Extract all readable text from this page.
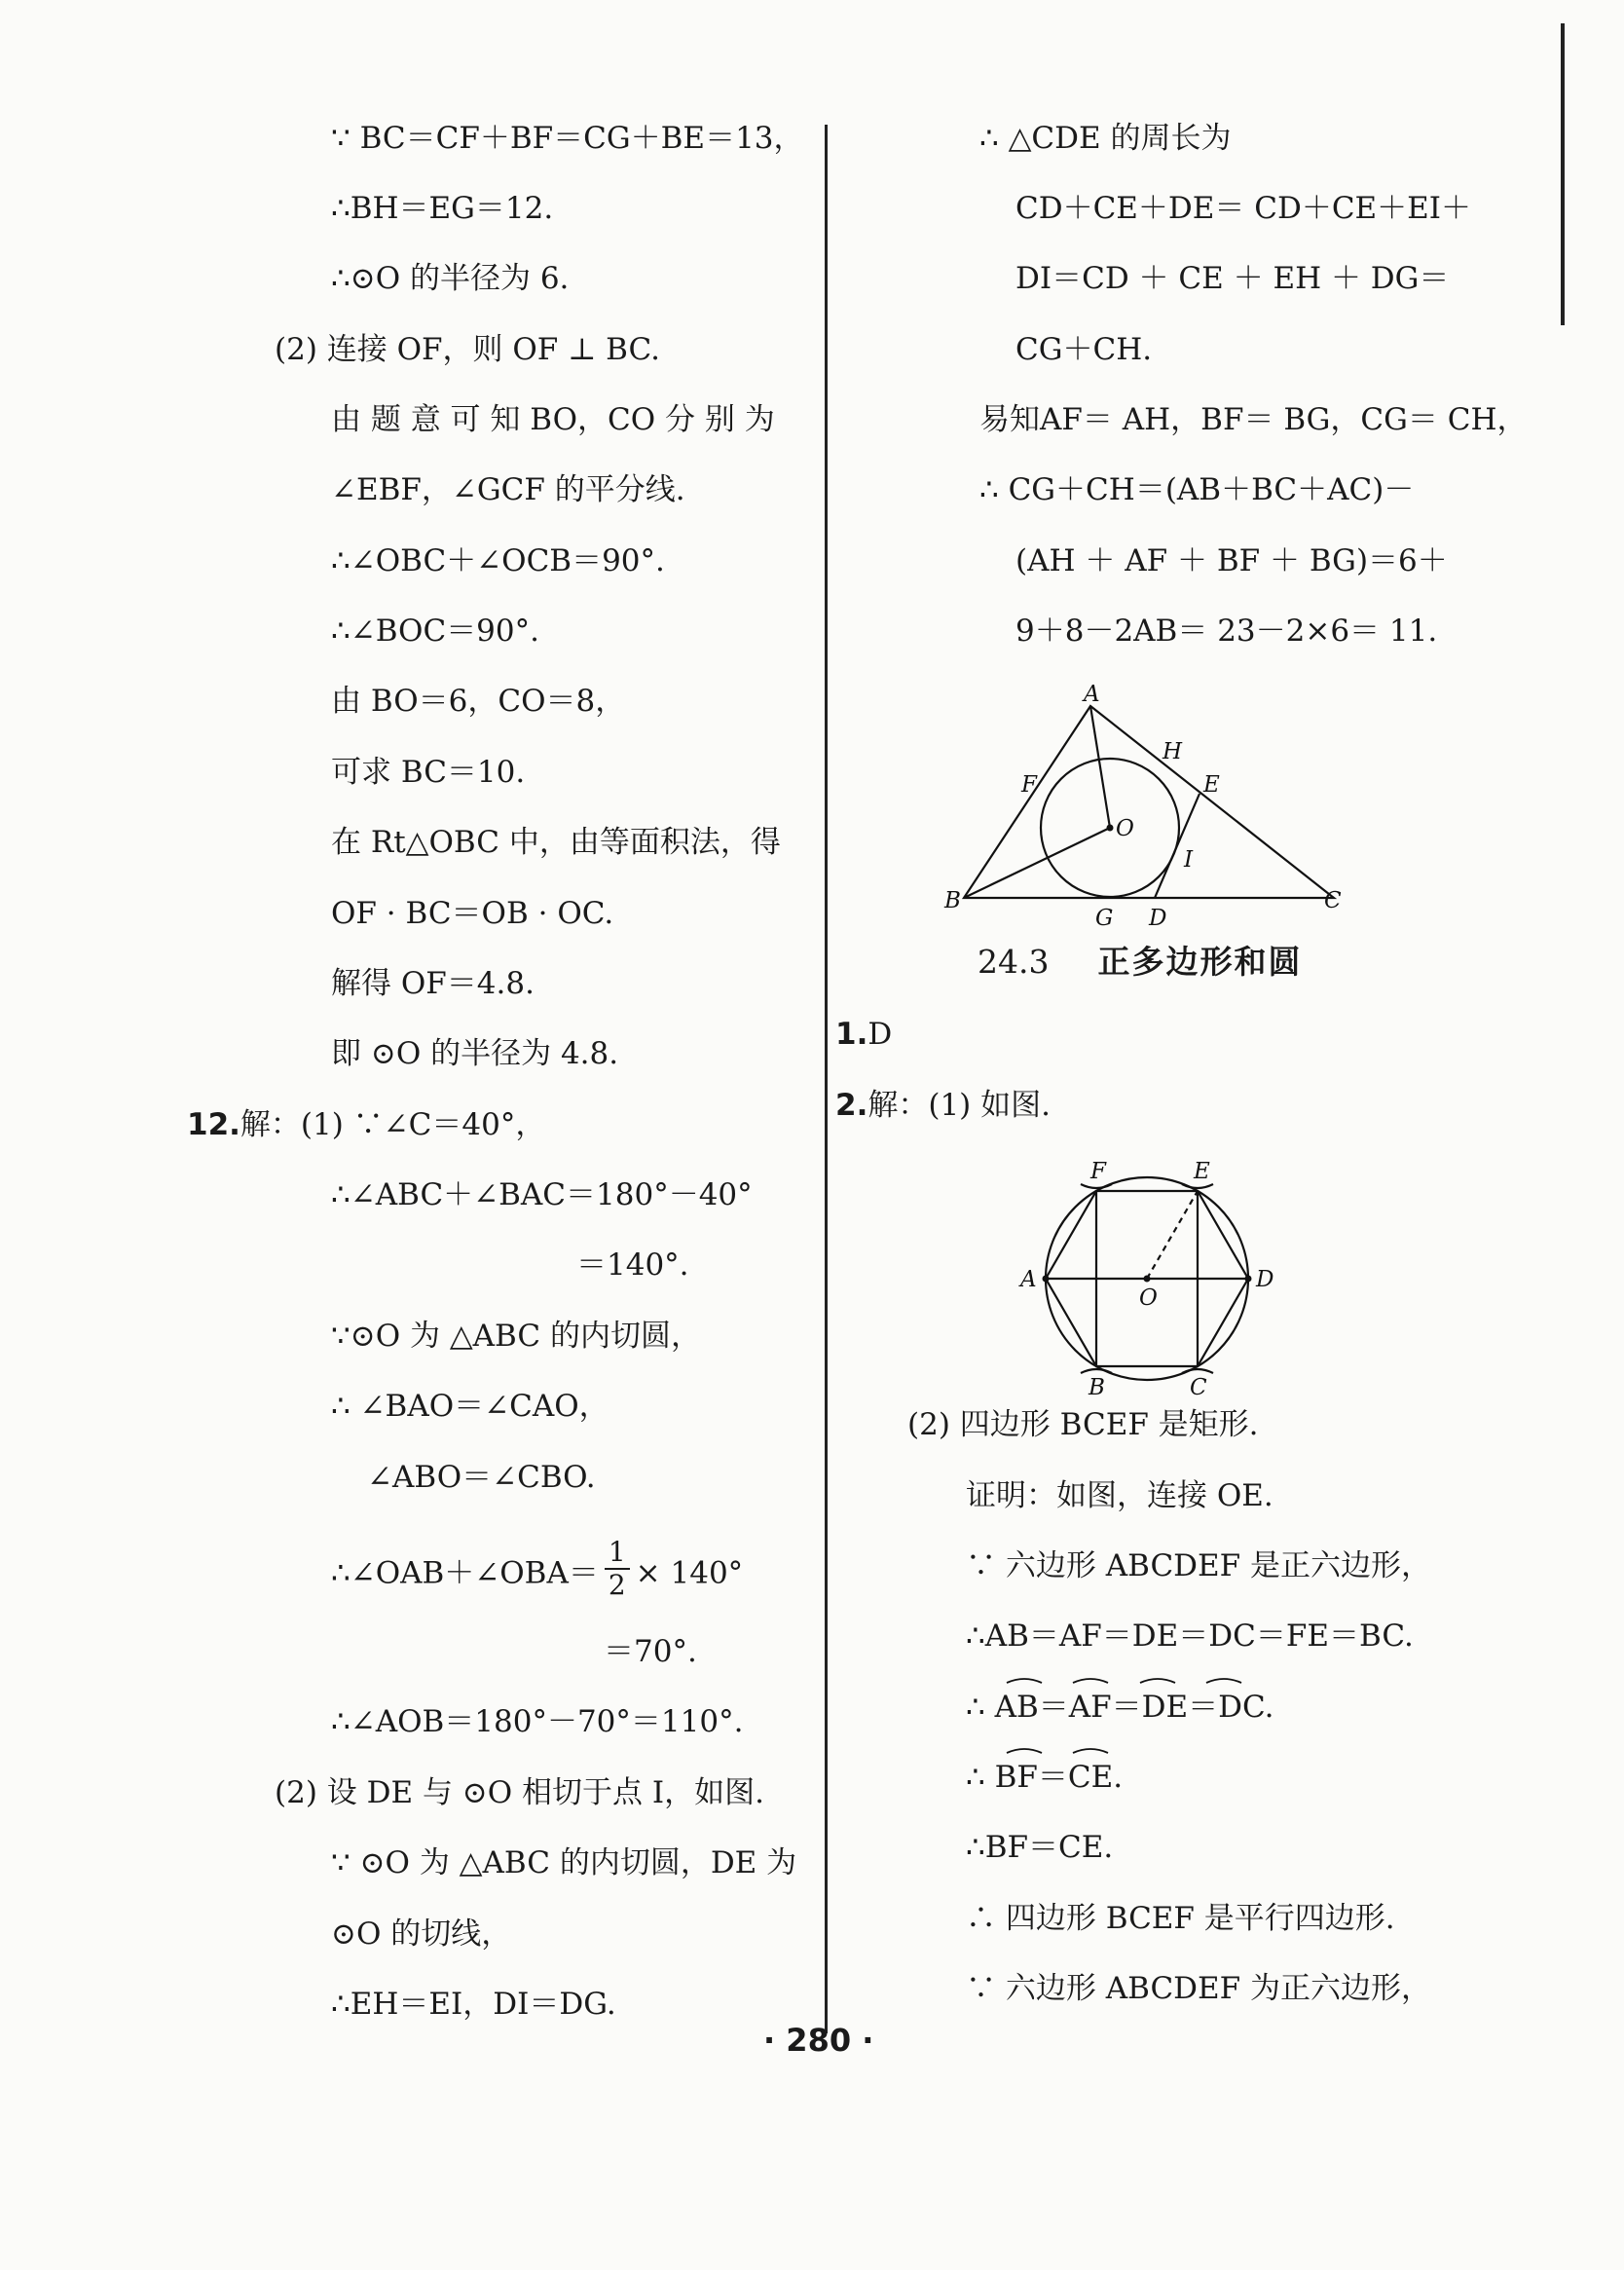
∵ BC＝CF＋BF＝CG＋BE＝13，
∴BH＝EG＝12.
∴⊙O 的半径为 6.
(2) 连接 OF，则 OF ⊥ BC.
由 题 意 可 知 BO，CO 分 别 为
∠EBF，∠GCF 的平分线.
∴∠OBC＋∠OCB＝90°.
∴∠BOC＝90°.
由 BO＝6，CO＝8，
可求 BC＝10.
在 Rt△OBC 中，由等面积法，得
OF · BC＝OB · OC.
解得 OF＝4.8.
即 ⊙O 的半径为 4.8.
12.解：(1) ∵∠C＝40°，
∴∠ABC＋∠BAC＝180°－40°
＝140°.
∵⊙O 为 △ABC 的内切圆，
∴ ∠BAO＝∠CAO，
∠ABO＝∠CBO.
∴∠OAB＋∠OBA＝ $\frac{1}{2} \times 140^\circ$
＝70°.
∴∠AOB＝180°－70°＝110°.
(2) 设 DE 与 ⊙O 相切于点 I，如图.
∵ ⊙O 为 △ABC 的内切圆，DE 为
⊙O 的切线，
∴EH＝EI，DI＝DG.
∴ △CDE 的周长为
CD＋CE＋DE＝ CD＋CE＋EI＋
DI＝CD ＋ CE ＋ EH ＋ DG＝
CG＋CH.
易知AF＝ AH，BF＝ BG，CG＝ CH，
∴ CG＋CH＝(AB＋BC＋AC)－
(AH ＋ AF ＋ BF ＋ BG)＝6＋
9＋8－2AB＝ 23－2×6＝ 11.
A
B	C
D
E
F
G
H
I
O
24.3 正多边形和圆
1.D
2.解：(1) 如图.
A
B	C
D
E
F
O
(2) 四边形 BCEF 是矩形.
证明：如图，连接 OE.
∵ 六边形 ABCDEF 是正六边形，
∴AB＝AF＝DE＝DC＝FE＝BC.
∴ AB＝AF＝DE＝DC.
∴ BF＝CE.
∴BF＝CE.
∴ 四边形 BCEF 是平行四边形.
∵ 六边形 ABCDEF 为正六边形，
· 280 ·
